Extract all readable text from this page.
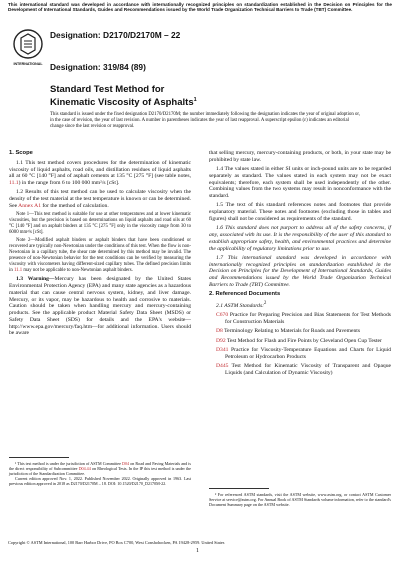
This international standard was developed in accordance with internationally recognized principles on standardization established in the Decision on Principles for the Development of International Standards, Guides and Recommendations issued by the World Trade Organization Technical Barriers to Trade (TBT) Committee.
INTERNATIONAL
Designation: D2170/D2170M – 22
Designation: 319/84 (89)
Standard Test Method for
Kinematic Viscosity of Asphalts$^1$
This standard is issued under the fixed designation D2170/D2170M; the number immediately following the designation indicates the year of original adoption or, in the case of revision, the year of last revision. A number in parentheses indicates the year of last reapproval. A superscript epsilon (ε) indicates an editorial change since the last revision or reapproval.
1. Scope

1.1 This test method covers procedures for the determination of kinematic viscosity of liquid asphalts, road oils, and distillation residues of liquid asphalts all at 60 °C [140 °F] and of asphalt cements at 135 °C [275 °F] (see table notes, 11.1) in the range from 6 to 100 000 mm²/s [cSt].

1.2 Results of this test method can be used to calculate viscosity when the density of the test material at the test temperature is known or can be determined. See Annex A1 for the method of calculation.

Note 1—This test method is suitable for use at other temperatures and at lower kinematic viscosities, but the precision is based on determinations on liquid asphalts and road oils at 60 °C [140 °F] and on asphalt binders at 135 °C [275 °F] only in the viscosity range from 30 to 6000 mm²/s [cSt].

Note 2—Modified asphalt binders or asphalt binders that have been conditioned or recovered are typically non-Newtonian under the conditions of this test. When the flow is non-Newtonian in a capillary tube, the shear rate determined by this method may be invalid. The presence of non-Newtonian behavior for the test conditions can be verified by measuring the viscosity with viscometers having different-sized capillary tubes. The defined precision limits in 11.1 may not be applicable to non-Newtonian asphalt binders.

1.3 Warning—Mercury has been designated by the United States Environmental Protection Agency (EPA) and many state agencies as a hazardous material that can cause central nervous system, kidney, and liver damage. Mercury, or its vapor, may be hazardous to health and corrosive to materials. Caution should be taken when handling mercury and mercury-containing products. See the applicable product Material Safety Data Sheet (MSDS) or Safety Data Sheet (SDS) for details and the EPA's website—http://www.epa.gov/mercury/faq.htm—for additional information. Users should be aware

that selling mercury, mercury-containing products, or both, in your state may be prohibited by state law.

1.4 The values stated in either SI units or inch-pound units are to be regarded separately as standard. The values stated in each system may not be exact equivalents; therefore, each system shall be used independently of the other. Combining values from the two systems may result in nonconformance with the standard.

1.5 The text of this standard references notes and footnotes that provide explanatory material. These notes and footnotes (excluding those in tables and figures) shall not be considered as requirements of the standard.

1.6 This standard does not purport to address all of the safety concerns, if any, associated with its use. It is the responsibility of the user of this standard to establish appropriate safety, health, and environmental practices and determine the applicability of regulatory limitations prior to use.

1.7 This international standard was developed in accordance with internationally recognized principles on standardization established in the Decision on Principles for the Development of International Standards, Guides and Recommendations issued by the World Trade Organization Technical Barriers to Trade (TBT) Committee.

2. Referenced Documents

2.1 ASTM Standards:$^2$

C670 Practice for Preparing Precision and Bias Statements for Test Methods for Construction Materials

D8 Terminology Relating to Materials for Roads and Pavements

D92 Test Method for Flash and Fire Points by Cleveland Open Cup Tester

D341 Practice for Viscosity-Temperature Equations and Charts for Liquid Petroleum or Hydrocarbon Products

D445 Test Method for Kinematic Viscosity of Transparent and Opaque Liquids (and Calculation of Dynamic Viscosity)

¹ This test method is under the jurisdiction of ASTM Committee D04 on Road and Paving Materials and is the direct responsibility of Subcommittee D04.44 on Rheological Tests. In the IP this test method is under the jurisdiction of the Standardization Committee.

Current edition approved Nov. 1, 2022. Published November 2022. Originally approved in 1963. Last previous edition approved in 2018 as D2170/D2170M – 18. DOI: 10.1520/D2170_D2170M-22.

² For referenced ASTM standards, visit the ASTM website, www.astm.org, or contact ASTM Customer Service at service@astm.org. For Annual Book of ASTM Standards volume information, refer to the standard's Document Summary page on the ASTM website.

Copyright © ASTM International, 100 Barr Harbor Drive, PO Box C700, West Conshohocken, PA 19428-2959. United States
1
